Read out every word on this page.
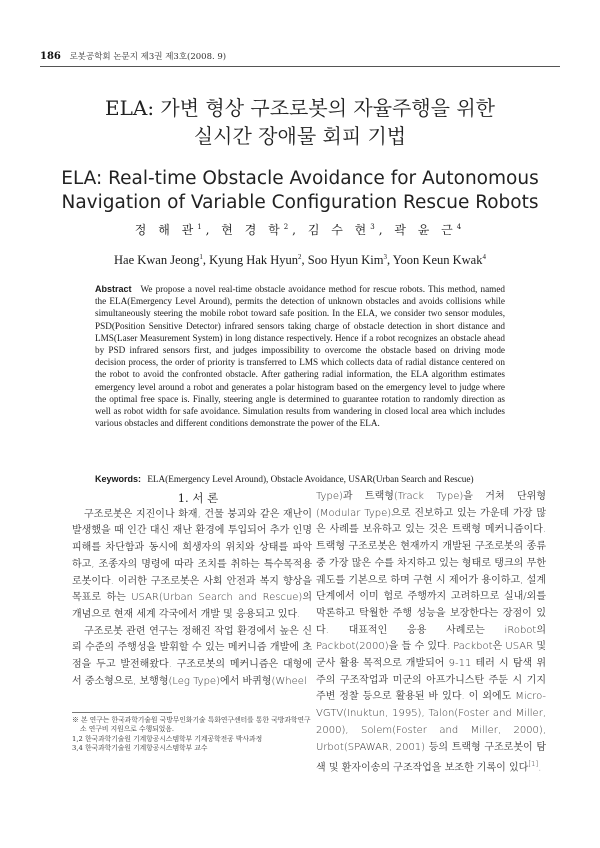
186 로봇공학회 논문지 제3권 제3호(2008. 9)
ELA: 가변 형상 구조로봇의 자율주행을 위한
실시간 장애물 회피 기법
ELA: Real-time Obstacle Avoidance for Autonomous
Navigation of Variable Configuration Rescue Robots
정 해 관$^1$, 현 경 학$^2$, 김 수 현$^3$, 곽 윤 근$^4$
Hae Kwan Jeong$^1$, Kyung Hak Hyun$^2$, Soo Hyun Kim$^3$, Yoon Keun Kwak$^4$
Abstract We propose a novel real-time obstacle avoidance method for rescue robots. This method, named the ELA(Emergency Level Around), permits the detection of unknown obstacles and avoids collisions while simultaneously steering the mobile robot toward safe position. In the ELA, we consider two sensor modules, PSD(Position Sensitive Detector) infrared sensors taking charge of obstacle detection in short distance and LMS(Laser Measurement System) in long distance respectively. Hence if a robot recognizes an obstacle ahead by PSD infrared sensors first, and judges impossibility to overcome the obstacle based on driving mode decision process, the order of priority is transferred to LMS which collects data of radial distance centered on the robot to avoid the confronted obstacle. After gathering radial information, the ELA algorithm estimates emergency level around a robot and generates a polar histogram based on the emergency level to judge where the optimal free space is. Finally, steering angle is determined to guarantee rotation to randomly direction as well as robot width for safe avoidance. Simulation results from wandering in closed local area which includes various obstacles and different conditions demonstrate the power of the ELA.
Keywords: ELA(Emergency Level Around), Obstacle Avoidance, USAR(Urban Search and Rescue)

1. 서 론

구조로봇은 지진이나 화재, 건물 붕괴와 같은 재난이 발생했을 때 인간 대신 재난 환경에 투입되어 추가 인명피해를 차단함과 동시에 희생자의 위치와 상태를 파악하고, 조종자의 명령에 따라 조치를 취하는 특수목적용 로봇이다. 이러한 구조로봇은 사회 안전과 복지 향상을 목표로 하는 USAR(Urban Search and Rescue)의 개념으로 현재 세계 각국에서 개발 및 응용되고 있다.

구조로봇 관련 연구는 정해진 작업 환경에서 높은 신뢰 수준의 주행성을 발휘할 수 있는 메커니즘 개발에 초점을 두고 발전해왔다. 구조로봇의 메커니즘은 대형에서 중소형으로, 보행형(Leg Type)에서 바퀴형(Wheel

Type)과 트랙형(Track Type)을 거쳐 단위형(Modular Type)으로 진보하고 있는 가운데 가장 많은 사례를 보유하고 있는 것은 트랙형 메커니즘이다. 트랙형 구조로봇은 현재까지 개발된 구조로봇의 종류 중 가장 많은 수를 차지하고 있는 형태로 탱크의 무한궤도를 기본으로 하며 구현 시 제어가 용이하고, 설계 단계에서 이미 험로 주행까지 고려하므로 실내/외를 막론하고 탁월한 주행 성능을 보장한다는 장점이 있다. 대표적인 응용 사례로는 iRobot의 Packbot(2000)을 들 수 있다. Packbot은 USAR 및 군사 활용 목적으로 개발되어 9-11 테러 시 탐색 위주의 구조작업과 미군의 아프가니스탄 주둔 시 기지 주변 정찰 등으로 활용된 바 있다. 이 외에도 Micro-VGTV(Inuktun, 1995), Talon(Foster and Miller, 2000), Solem(Foster and Miller, 2000), Urbot(SPAWAR, 2001) 등의 트랙형 구조로봇이 탐색 및 환자이송의 구조작업을 보조한 기록이 있다[1].

※ 본 연구는 한국과학기술원 국방무인화기술 특화연구센터를 통한 국방과학연구소 연구비 지원으로 수행되었음.
1,2 한국과학기술원 기계항공시스템학부 기계공학전공 박사과정
3,4 한국과학기술원 기계항공시스템학부 교수
